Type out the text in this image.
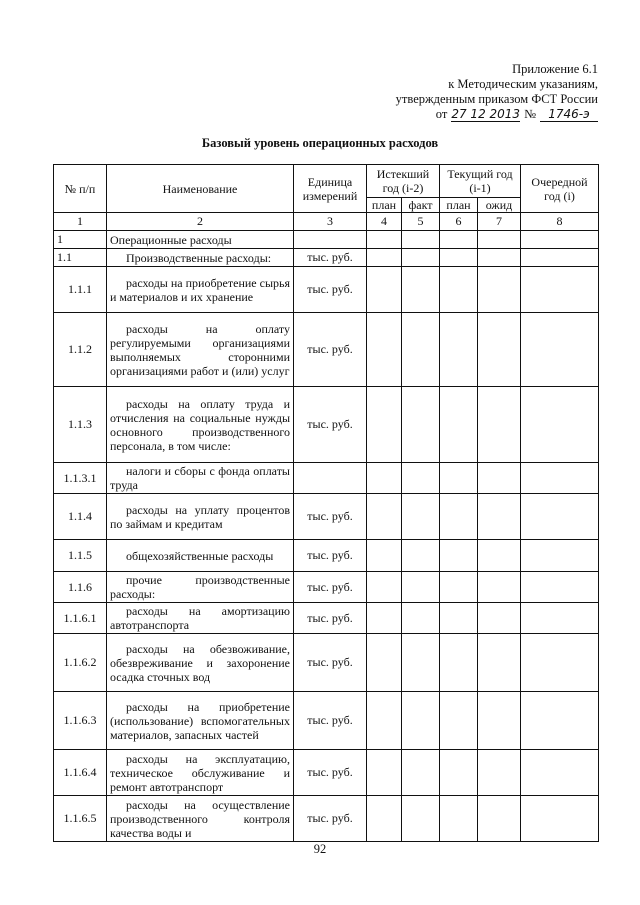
Приложение 6.1
к Методическим указаниям,
утвержденным приказом ФСТ России
от 27 12 2013 №	1746-э
Базовый уровень операционных расходов
№ п/п	Наименование	Единица измерений	Истекший год (i-2)		Текущий год (i-1)		Очередной год (i)
			план	факт	план	ожид	
1	2	3	4	5	6	7	8
1	Операционные расходы						
1.1	Производственные расходы:	тыс. руб.					
1.1.1	расходы на приобретение сырья и материалов и их хранение	тыс. руб.					
1.1.2	расходы на оплату регулируемыми организациями выполняемых сторонними организациями работ и (или) услуг	тыс. руб.					
1.1.3	расходы на оплату труда и отчисления на социальные нужды основного производственного персонала, в том числе:	тыс. руб.					
1.1.3.1	налоги и сборы с фонда оплаты труда						
1.1.4	расходы на уплату процентов по займам и кредитам	тыс. руб.					
1.1.5	общехозяйственные расходы	тыс. руб.					
1.1.6	прочие производственные расходы:	тыс. руб.					
1.1.6.1	расходы на амортизацию автотранспорта	тыс. руб.					
1.1.6.2	расходы на обезвоживание, обезвреживание и захоронение осадка сточных вод	тыс. руб.					
1.1.6.3	расходы на приобретение (использование) вспомогательных материалов, запасных частей	тыс. руб.					
1.1.6.4	расходы на эксплуатацию, техническое обслуживание и ремонт автотранспорт	тыс. руб.					
1.1.6.5	расходы на осуществление производственного контроля качества воды и	тыс. руб.					
92
